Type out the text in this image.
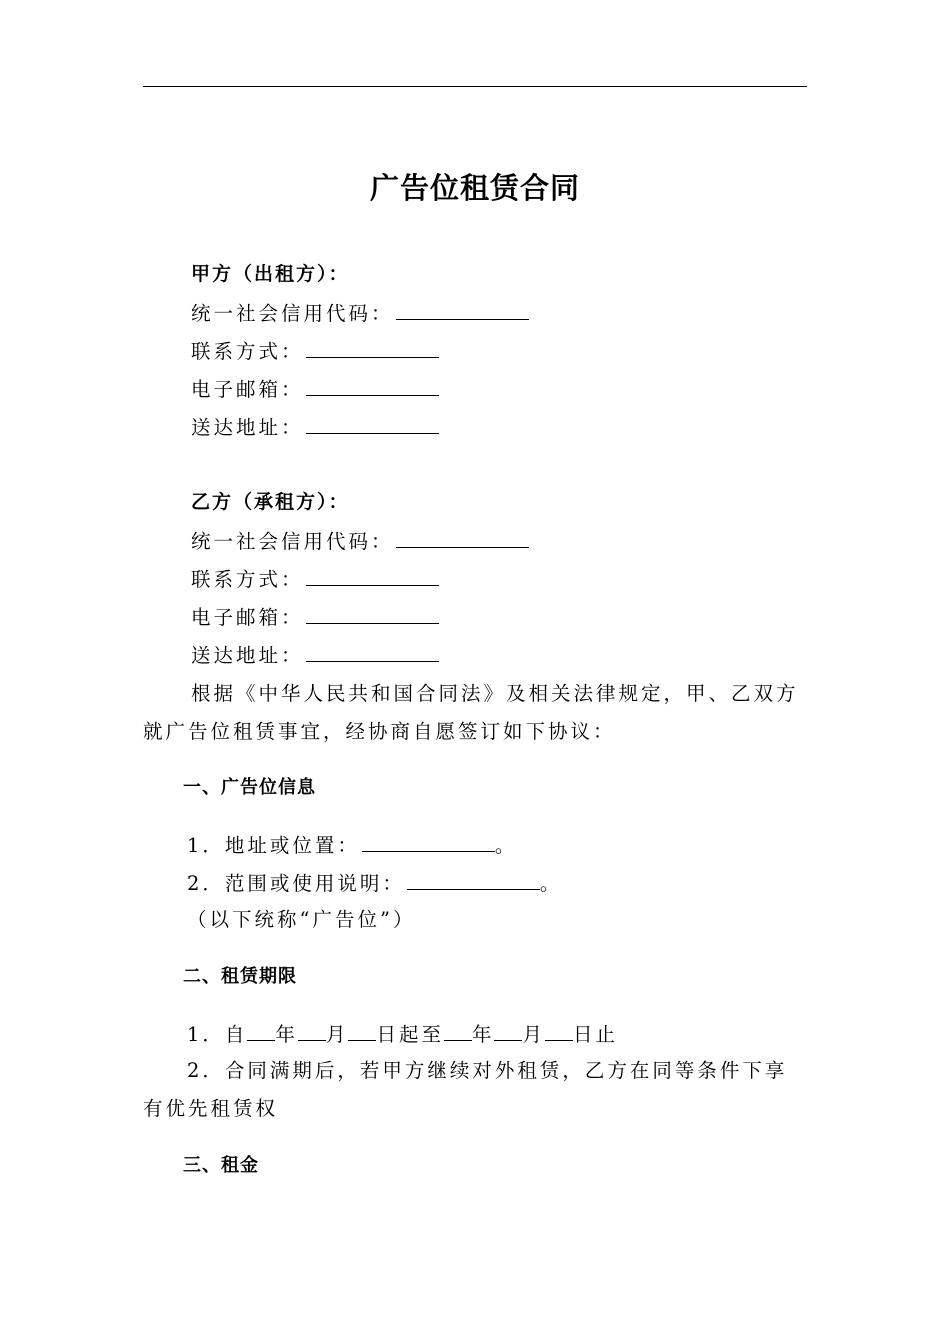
广告位租赁合同
甲方（出租方）：
统一社会信用代码：
联系方式：
电子邮箱：
送达地址：
乙方（承租方）：
统一社会信用代码：
联系方式：
电子邮箱：
送达地址：
根据《中华人民共和国合同法》及相关法律规定，甲、乙双方就广告位租赁事宜，经协商自愿签订如下协议：
一、广告位信息
1．地址或位置：	。
2．范围或使用说明：	。
（以下统称“广告位”）
二、租赁期限
1．自 年 月 日起至 年 月 日止
2．合同满期后，若甲方继续对外租赁，乙方在同等条件下享有优先租赁权
三、租金
